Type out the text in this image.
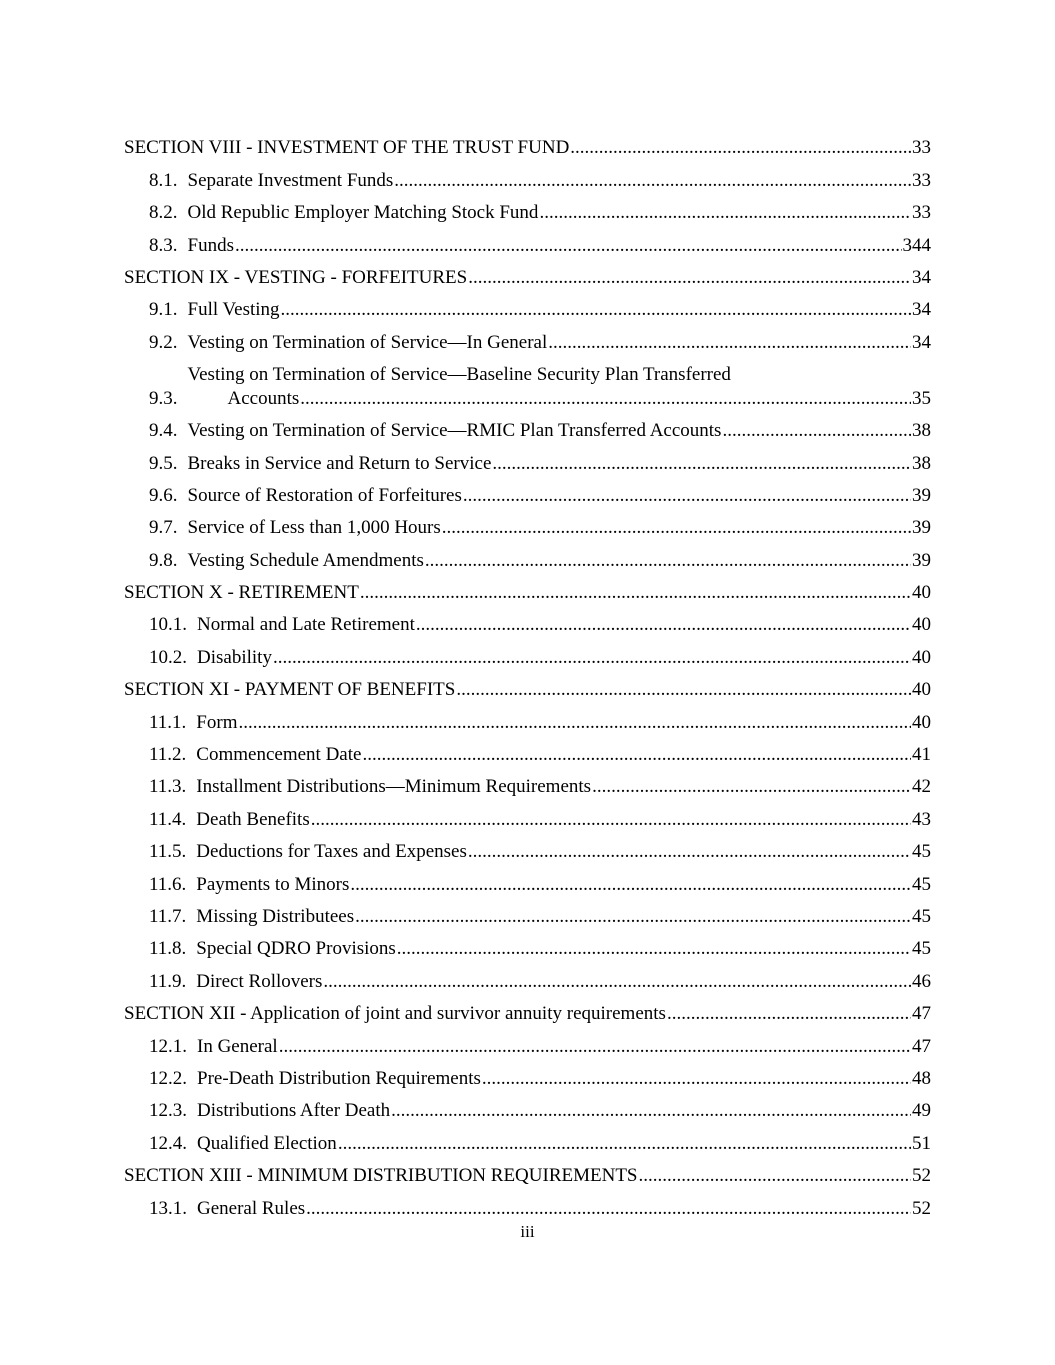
SECTION VIII - INVESTMENT OF THE TRUST FUND .....	33
8.1. Separate Investment Funds .....	33
8.2. Old Republic Employer Matching Stock Fund .....	33
8.3. Funds .....	344
SECTION IX - VESTING - FORFEITURES .....	34
9.1. Full Vesting .....	34
9.2. Vesting on Termination of Service—In General .....	34
9.3.
Vesting on Termination of Service—Baseline Security Plan Transferred
Accounts .....	35
9.4. Vesting on Termination of Service—RMIC Plan Transferred Accounts .....	38
9.5. Breaks in Service and Return to Service .....	38
9.6. Source of Restoration of Forfeitures .....	39
9.7. Service of Less than 1,000 Hours .....	39
9.8. Vesting Schedule Amendments .....	39
SECTION X - RETIREMENT .....	40
10.1. Normal and Late Retirement .....	40
10.2. Disability .....	40
SECTION XI - PAYMENT OF BENEFITS .....	40
11.1. Form .....	40
11.2. Commencement Date .....	41
11.3. Installment Distributions—Minimum Requirements .....	42
11.4. Death Benefits .....	43
11.5. Deductions for Taxes and Expenses .....	45
11.6. Payments to Minors .....	45
11.7. Missing Distributees .....	45
11.8. Special QDRO Provisions .....	45
11.9. Direct Rollovers .....	46
SECTION XII - Application of joint and survivor annuity requirements .....	47
12.1. In General .....	47
12.2. Pre-Death Distribution Requirements .....	48
12.3. Distributions After Death .....	49
12.4. Qualified Election .....	51
SECTION XIII - MINIMUM DISTRIBUTION REQUIREMENTS .....	52
13.1. General Rules .....	52
iii
